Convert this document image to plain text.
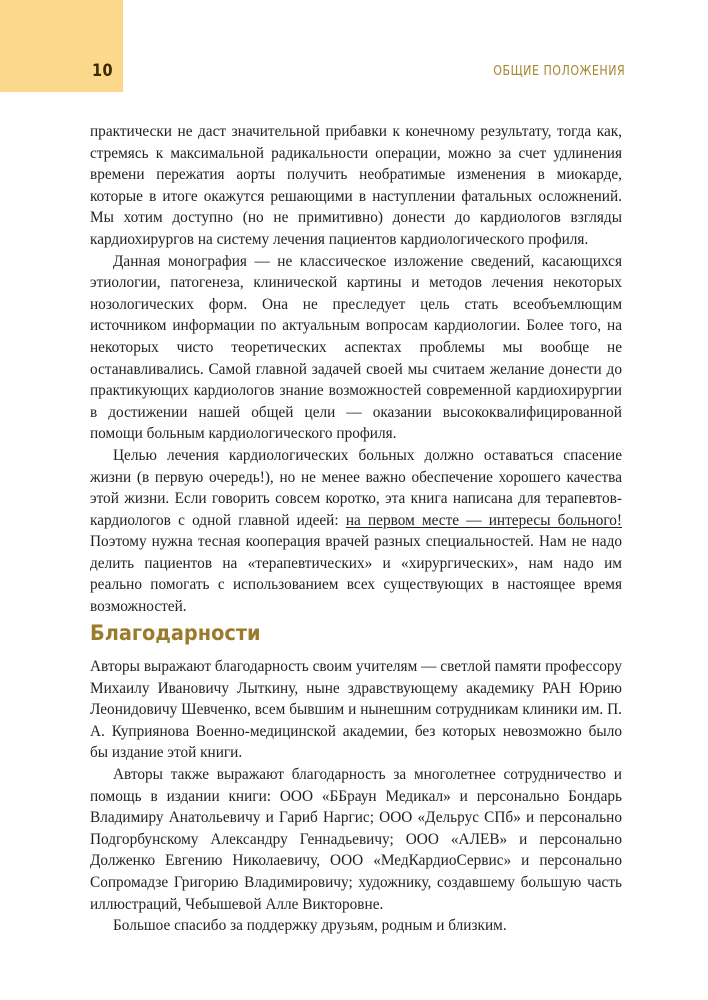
10	ОБЩИЕ ПОЛОЖЕНИЯ

практически не даст значительной прибавки к конечному результату, тогда как, стремясь к максимальной радикальности операции, можно за счет удлинения времени пережатия аорты получить необратимые изменения в миокарде, которые в итоге окажутся решающими в наступлении фатальных осложнений. Мы хотим доступно (но не примитивно) донести до кардиологов взгляды кардиохирургов на систему лечения пациентов кардиологического профиля.

Данная монография — не классическое изложение сведений, касающихся этиологии, патогенеза, клинической картины и методов лечения некоторых нозологических форм. Она не преследует цель стать всеобъемлющим источником информации по актуальным вопросам кардиологии. Более того, на некоторых чисто теоретических аспектах проблемы мы вообще не останавливались. Самой главной задачей своей мы считаем желание донести до практикующих кардиологов знание возможностей современной кардиохирургии в достижении нашей общей цели — оказании высококвалифицированной помощи больным кардиологического профиля.

Целью лечения кардиологических больных должно оставаться спасение жизни (в первую очередь!), но не менее важно обеспечение хорошего качества этой жизни. Если говорить совсем коротко, эта книга написана для терапевтов-кардиологов с одной главной идеей: на первом месте — интересы больного! Поэтому нужна тесная кооперация врачей разных специальностей. Нам не надо делить пациентов на «терапевтических» и «хирургических», нам надо им реально помогать с использованием всех существующих в настоящее время возможностей.

Благодарности

Авторы выражают благодарность своим учителям — светлой памяти профессору Михаилу Ивановичу Лыткину, ныне здравствующему академику РАН Юрию Леонидовичу Шевченко, всем бывшим и нынешним сотрудникам клиники им. П. А. Куприянова Военно-медицинской академии, без которых невозможно было бы издание этой книги.

Авторы также выражают благодарность за многолетнее сотрудничество и помощь в издании книги: ООО «ББраун Медикал» и персонально Бондарь Владимиру Анатольевичу и Гариб Наргис; ООО «Дельрус СПб» и персонально Подгорбунскому Александру Геннадьевичу; ООО «АЛЕВ» и персонально Долженко Евгению Николаевичу, ООО «МедКардиоСервис» и персонально Сопромадзе Григорию Владимировичу; художнику, создавшему большую часть иллюстраций, Чебышевой Алле Викторовне.

Большое спасибо за поддержку друзьям, родным и близким.
